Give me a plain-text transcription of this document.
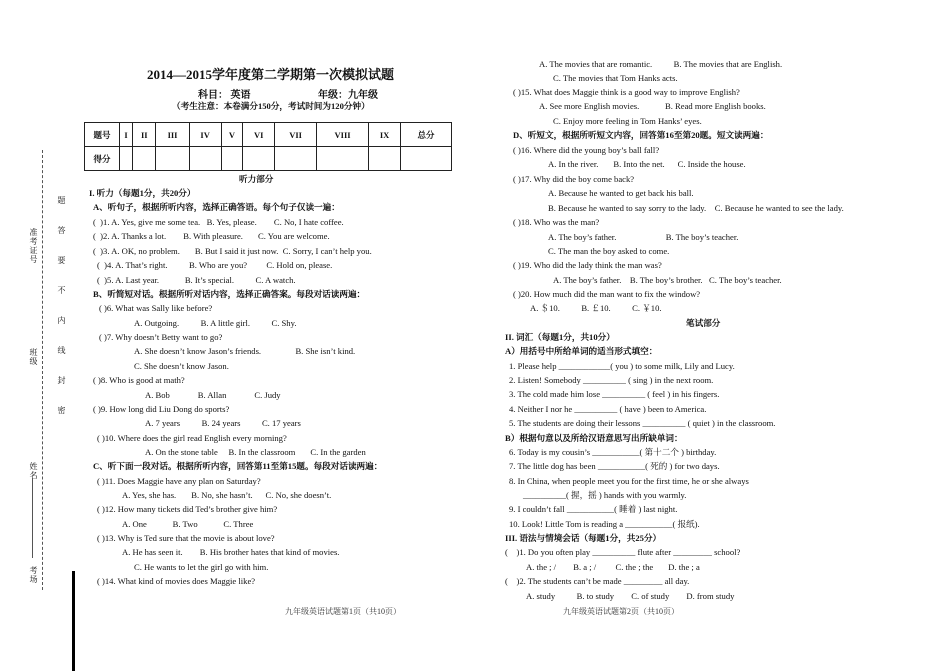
准考证号
班级
姓名
考场
题
答
要
不
内
线
封
密
2014—2015学年度第二学期第一次模拟试题
科目： 英语	年级：九年级
（考生注意：本卷满分150分，考试时间为120分钟）
题号	I	II	III	IV	V	VI	VII	VIII	IX	总分
得分										
听力部分
I. 听力（每题1分，共20分）
A、听句子，根据所听内容，选择正确答语。每个句子仅读一遍：
(  )1. A. Yes, give me some tea.   B. Yes, please.        C. No, I hate coffee.
(  )2. A. Thanks a lot.        B. With pleasure.       C. You are welcome.
(  )3. A. OK, no problem.       B. But I said it just now.  C. Sorry, I can’t help you.
(  )4. A. That’s right.          B. Who are you?         C. Hold on, please.
(  )5. A. Last year.            B. It’s special.          C. A watch.
B、听简短对话。根据所听对话内容，选择正确答案。每段对话读两遍：
( )6. What was Sally like before?
A. Outgoing.          B. A little girl.          C. Shy.
( )7. Why doesn’t Betty want to go?
A. She doesn’t know Jason’s friends.                B. She isn’t kind.
C. She doesn’t know Jason.
( )8. Who is good at math?
A. Bob             B. Allan             C. Judy
( )9. How long did Liu Dong do sports?
A. 7 years          B. 24 years          C. 17 years
( )10. Where does the girl read English every morning?
A. On the stone table     B. In the classroom       C. In the garden
C、听下面一段对话。根据所听内容，回答第11至第15题。每段对话读两遍：
( )11. Does Maggie have any plan on Saturday?
A. Yes, she has.       B. No, she hasn’t.      C. No, she doesn’t.
( )12. How many tickets did Ted’s brother give him?
A. One            B. Two            C. Three
( )13. Why is Ted sure that the movie is about love?
A. He has seen it.        B. His brother hates that kind of movies.
C. He wants to let the girl go with him.
( )14. What kind of movies does Maggie like?
九年级英语试题第1页（共10页）
A. The movies that are romantic.          B. The movies that are English.
C. The movies that Tom Hanks acts.
( )15. What does Maggie think is a good way to improve English?
A. See more English movies.            B. Read more English books.
C. Enjoy more feeling in Tom Hanks’ eyes.
D、听短文，根据所听短文内容，回答第16至第20题。短文读两遍：
( )16. Where did the young boy’s ball fall?
A. In the river.       B. Into the net.      C. Inside the house.
( )17. Why did the boy come back?
A. Because he wanted to get back his ball.
B. Because he wanted to say sorry to the lady.    C. Because he wanted to see the lady.
( )18. Who was the man?
A. The boy’s father.                       B. The boy’s teacher.
C. The man the boy asked to come.
( )19. Who did the lady think the man was?
A. The boy’s father.    B. The boy’s brother.   C. The boy’s teacher.
( )20. How much did the man want to fix the window?
A. ＄10.          B. ￡10.          C. ￥10.
笔试部分
II. 词汇（每题1分，共10分）
A）用括号中所给单词的适当形式填空：
1. Please help ____________( you ) to some milk, Lily and Lucy.
2. Listen! Somebody __________ ( sing ) in the next room.
3. The cold made him lose __________ ( feel ) in his fingers.
4. Neither I nor he __________ ( have ) been to America.
5. The students are doing their lessons __________ ( quiet ) in the classroom.
B）根据句意以及所给汉语意思写出所缺单词：
6. Today is my cousin’s ___________( 第十二个 ) birthday.
7. The little dog has been ___________( 死的 ) for two days.
8. In China, when people meet you for the first time, he or she always
__________( 握，摇 ) hands with you warmly.
9. I couldn’t fall ___________( 睡着 ) last night.
10. Look! Little Tom is reading a ___________( 报纸).
III. 语法与情境会话（每题1分，共25分）
(    )1. Do you often play __________ flute after _________ school?
A. the ; /        B. a ; /         C. the ; the       D. the ; a
(    )2. The students can’t be made _________ all day.
A. study          B. to study        C. of study        D. from study
九年级英语试题第2页（共10页）
